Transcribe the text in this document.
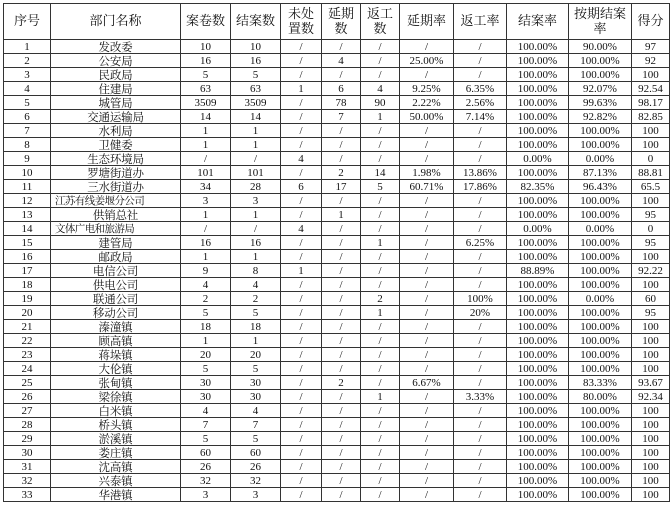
序号	部门名称	案卷数	结案数	未处置数	延期数	返工数	延期率	返工率	结案率	按期结案率	得分
1	发改委	10	10	/	/	/	/	/	100.00%	90.00%	97
2	公安局	16	16	/	4	/	25.00%	/	100.00%	100.00%	92
3	民政局	5	5	/	/	/	/	/	100.00%	100.00%	100
4	住建局	63	63	1	6	4	9.25%	6.35%	100.00%	92.07%	92.54
5	城管局	3509	3509	/	78	90	2.22%	2.56%	100.00%	99.63%	98.17
6	交通运输局	14	14	/	7	1	50.00%	7.14%	100.00%	92.82%	82.85
7	水利局	1	1	/	/	/	/	/	100.00%	100.00%	100
8	卫健委	1	1	/	/	/	/	/	100.00%	100.00%	100
9	生态环境局	/	/	4	/	/	/	/	0.00%	0.00%	0
10	罗塘街道办	101	101	/	2	14	1.98%	13.86%	100.00%	87.13%	88.81
11	三水街道办	34	28	6	17	5	60.71%	17.86%	82.35%	96.43%	65.5
12	江苏有线姜堰分公司	3	3	/	/	/	/	/	100.00%	100.00%	100
13	供销总社	1	1	/	1	/	/	/	100.00%	100.00%	95
14	文体广电和旅游局	/	/	4	/	/	/	/	0.00%	0.00%	0
15	建管局	16	16	/	/	1	/	6.25%	100.00%	100.00%	95
16	邮政局	1	1	/	/	/	/	/	100.00%	100.00%	100
17	电信公司	9	8	1	/	/	/	/	88.89%	100.00%	92.22
18	供电公司	4	4	/	/	/	/	/	100.00%	100.00%	100
19	联通公司	2	2	/	/	2	/	100%	100.00%	0.00%	60
20	移动公司	5	5	/	/	1	/	20%	100.00%	100.00%	95
21	溱潼镇	18	18	/	/	/	/	/	100.00%	100.00%	100
22	顾高镇	1	1	/	/	/	/	/	100.00%	100.00%	100
23	蒋垛镇	20	20	/	/	/	/	/	100.00%	100.00%	100
24	大伦镇	5	5	/	/	/	/	/	100.00%	100.00%	100
25	张甸镇	30	30	/	2	/	6.67%	/	100.00%	83.33%	93.67
26	梁徐镇	30	30	/	/	1	/	3.33%	100.00%	80.00%	92.34
27	白米镇	4	4	/	/	/	/	/	100.00%	100.00%	100
28	桥头镇	7	7	/	/	/	/	/	100.00%	100.00%	100
29	淤溪镇	5	5	/	/	/	/	/	100.00%	100.00%	100
30	娄庄镇	60	60	/	/	/	/	/	100.00%	100.00%	100
31	沈高镇	26	26	/	/	/	/	/	100.00%	100.00%	100
32	兴泰镇	32	32	/	/	/	/	/	100.00%	100.00%	100
33	华港镇	3	3	/	/	/	/	/	100.00%	100.00%	100
